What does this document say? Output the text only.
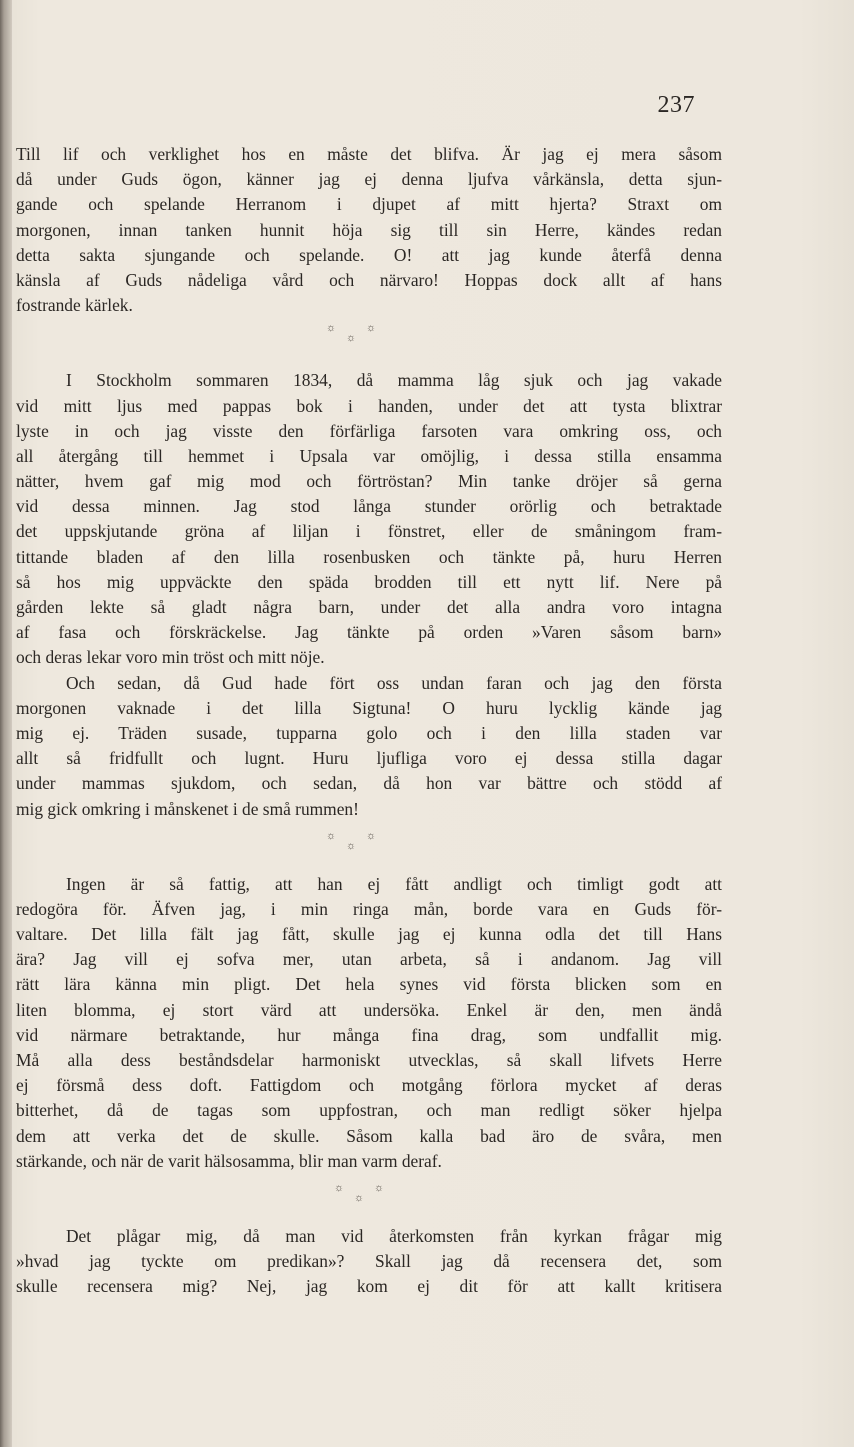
237
Till lif och verklighet hos en måste det blifva. Är jag ej mera såsom
då under Guds ögon, känner jag ej denna ljufva vårkänsla, detta sjun-
gande och spelande Herranom i djupet af mitt hjerta? Straxt om
morgonen, innan tanken hunnit höja sig till sin Herre, kändes redan
detta sakta sjungande och spelande. O! att jag kunde återfå denna
känsla af Guds nådeliga vård och närvaro! Hoppas dock allt af hans
fostrande kärlek.
☼	☼
☼
I Stockholm sommaren 1834, då mamma låg sjuk och jag vakade
vid mitt ljus med pappas bok i handen, under det att tysta blixtrar
lyste in och jag visste den förfärliga farsoten vara omkring oss, och
all återgång till hemmet i Upsala var omöjlig, i dessa stilla ensamma
nätter, hvem gaf mig mod och förtröstan? Min tanke dröjer så gerna
vid dessa minnen. Jag stod långa stunder orörlig och betraktade
det uppskjutande gröna af liljan i fönstret, eller de småningom fram-
tittande bladen af den lilla rosenbusken och tänkte på, huru Herren
så hos mig uppväckte den späda brodden till ett nytt lif. Nere på
gården lekte så gladt några barn, under det alla andra voro intagna
af fasa och förskräckelse. Jag tänkte på orden »Varen såsom barn»
och deras lekar voro min tröst och mitt nöje.
Och sedan, då Gud hade fört oss undan faran och jag den första
morgonen vaknade i det lilla Sigtuna! O huru lycklig kände jag
mig ej. Träden susade, tupparna golo och i den lilla staden var
allt så fridfullt och lugnt. Huru ljufliga voro ej dessa stilla dagar
under mammas sjukdom, och sedan, då hon var bättre och stödd af
mig gick omkring i månskenet i de små rummen!
☼	☼
☼
Ingen är så fattig, att han ej fått andligt och timligt godt att
redogöra för. Äfven jag, i min ringa mån, borde vara en Guds för-
valtare. Det lilla fält jag fått, skulle jag ej kunna odla det till Hans
ära? Jag vill ej sofva mer, utan arbeta, så i andanom. Jag vill
rätt lära känna min pligt. Det hela synes vid första blicken som en
liten blomma, ej stort värd att undersöka. Enkel är den, men ändå
vid närmare betraktande, hur många fina drag, som undfallit mig.
Må alla dess beståndsdelar harmoniskt utvecklas, så skall lifvets Herre
ej försmå dess doft. Fattigdom och motgång förlora mycket af deras
bitterhet, då de tagas som uppfostran, och man redligt söker hjelpa
dem att verka det de skulle. Såsom kalla bad äro de svåra, men
stärkande, och när de varit hälsosamma, blir man varm deraf.
☼	☼
☼
Det plågar mig, då man vid återkomsten från kyrkan frågar mig
»hvad jag tyckte om predikan»? Skall jag då recensera det, som
skulle recensera mig? Nej, jag kom ej dit för att kallt kritisera
